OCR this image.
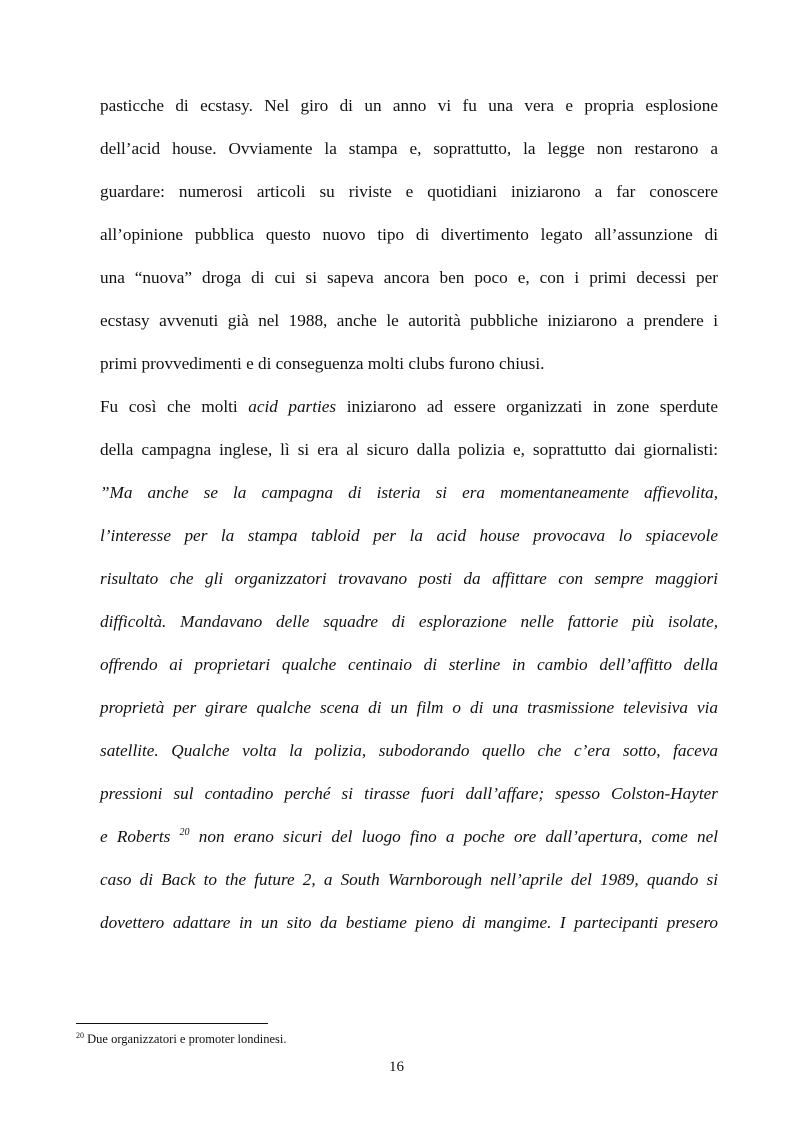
pasticche di ecstasy. Nel giro di un anno vi fu una vera e propria esplosione
dell’acid house. Ovviamente la stampa e, soprattutto, la legge non restarono a
guardare: numerosi articoli su riviste e quotidiani iniziarono a far conoscere
all’opinione pubblica questo nuovo tipo di divertimento legato all’assunzione di
una “nuova” droga di cui si sapeva ancora ben poco e, con i primi decessi per
ecstasy avvenuti già nel 1988, anche le autorità pubbliche iniziarono a prendere i
primi provvedimenti e di conseguenza molti clubs furono chiusi.
Fu così che molti acid parties iniziarono ad essere organizzati in zone sperdute
della campagna inglese, lì si era al sicuro dalla polizia e, soprattutto dai giornalisti:
”Ma anche se la campagna di isteria si era momentaneamente affievolita,
l’interesse per la stampa tabloid per la acid house provocava lo spiacevole
risultato che gli organizzatori trovavano posti da affittare con sempre maggiori
difficoltà. Mandavano delle squadre di esplorazione nelle fattorie più isolate,
offrendo ai proprietari qualche centinaio di sterline in cambio dell’affitto della
proprietà per girare qualche scena di un film o di una trasmissione televisiva via
satellite. Qualche volta la polizia, subodorando quello che c’era sotto, faceva
pressioni sul contadino perché si tirasse fuori dall’affare; spesso Colston-Hayter
e Roberts $^{20}$ non erano sicuri del luogo fino a poche ore dall’apertura, come nel
caso di Back to the future 2, a South Warnborough nell’aprile del 1989, quando si
dovettero adattare in un sito da bestiame pieno di mangime. I partecipanti presero
$^{20}$ Due organizzatori e promoter londinesi.
16
